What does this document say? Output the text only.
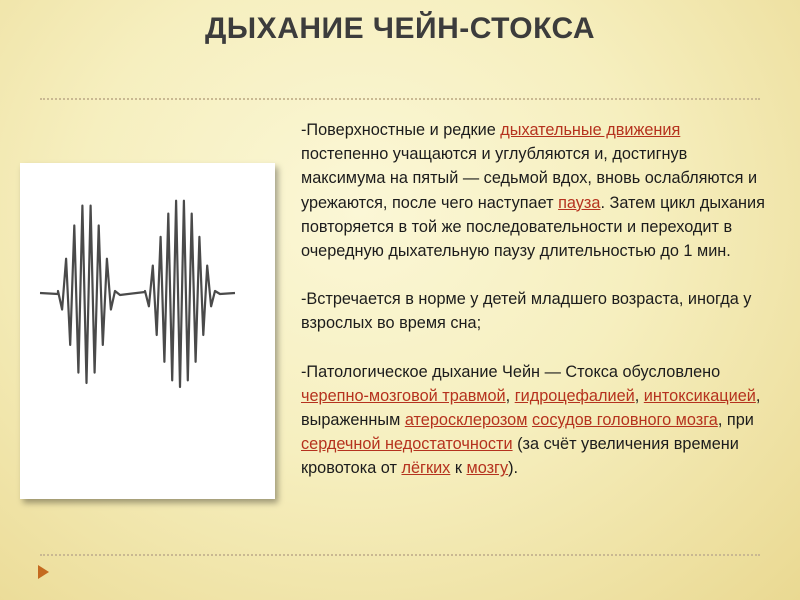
ДЫХАНИЕ ЧЕЙН-СТОКСА

-Поверхностные и редкие дыхательные движения постепенно учащаются и углубляются и, достигнув максимума на пятый — седьмой вдох, вновь ослабляются и урежаются, после чего наступает пауза. Затем цикл дыхания повторяется в той же последовательности и переходит в очередную дыхательную паузу длительностью до 1 мин.

-Встречается в норме у детей младшего возраста, иногда у взрослых во время сна;

-Патологическое дыхание Чейн — Стокса обусловлено черепно-мозговой травмой, гидроцефалией, интоксикацией, выраженным атеросклерозом сосудов головного мозга, при сердечной недостаточности (за счёт увеличения времени кровотока от лёгких к мозгу).
